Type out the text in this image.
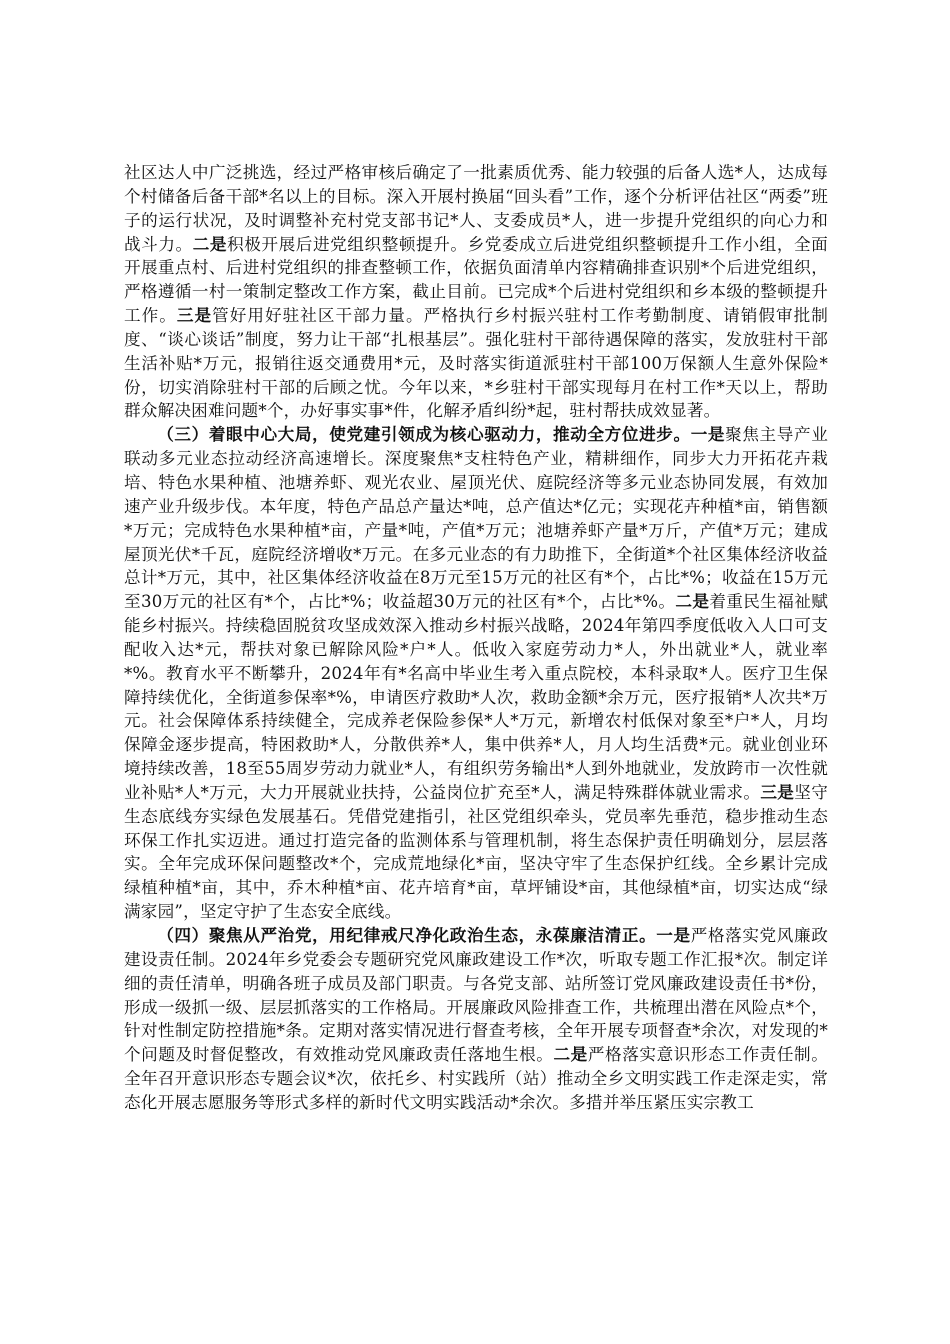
社区达人中广泛挑选，经过严格审核后确定了一批素质优秀、能力较强的后备人选*人，达成每个村储备后备干部*名以上的目标。深入开展村换届“回头看”工作，逐个分析评估社区“两委”班子的运行状况，及时调整补充村党支部书记*人、支委成员*人，进一步提升党组织的向心力和战斗力。二是积极开展后进党组织整顿提升。乡党委成立后进党组织整顿提升工作小组，全面开展重点村、后进村党组织的排查整顿工作，依据负面清单内容精确排查识别*个后进党组织，严格遵循一村一策制定整改工作方案，截止目前。已完成*个后进村党组织和乡本级的整顿提升工作。三是管好用好驻社区干部力量。严格执行乡村振兴驻村工作考勤制度、请销假审批制度、“谈心谈话”制度，努力让干部“扎根基层”。强化驻村干部待遇保障的落实，发放驻村干部生活补贴*万元，报销往返交通费用*元，及时落实街道派驻村干部100万保额人生意外保险*份，切实消除驻村干部的后顾之忧。今年以来，*乡驻村干部实现每月在村工作*天以上，帮助群众解决困难问题*个，办好事实事*件，化解矛盾纠纷*起，驻村帮扶成效显著。

（三）着眼中心大局，使党建引领成为核心驱动力，推动全方位进步。一是聚焦主导产业联动多元业态拉动经济高速增长。深度聚焦*支柱特色产业，精耕细作，同步大力开拓花卉栽培、特色水果种植、池塘养虾、观光农业、屋顶光伏、庭院经济等多元业态协同发展，有效加速产业升级步伐。本年度，特色产品总产量达*吨，总产值达*亿元；实现花卉种植*亩，销售额*万元；完成特色水果种植*亩，产量*吨，产值*万元；池塘养虾产量*万斤，产值*万元；建成屋顶光伏*千瓦，庭院经济增收*万元。在多元业态的有力助推下，全街道*个社区集体经济收益总计*万元，其中，社区集体经济收益在8万元至15万元的社区有*个，占比*%；收益在15万元至30万元的社区有*个，占比*%；收益超30万元的社区有*个，占比*%。二是着重民生福祉赋能乡村振兴。持续稳固脱贫攻坚成效深入推动乡村振兴战略，2024年第四季度低收入人口可支配收入达*元，帮扶对象已解除风险*户*人。低收入家庭劳动力*人，外出就业*人，就业率*%。教育水平不断攀升，2024年有*名高中毕业生考入重点院校，本科录取*人。医疗卫生保障持续优化，全街道参保率*%，申请医疗救助*人次，救助金额*余万元，医疗报销*人次共*万元。社会保障体系持续健全，完成养老保险参保*人*万元，新增农村低保对象至*户*人，月均保障金逐步提高，特困救助*人，分散供养*人，集中供养*人，月人均生活费*元。就业创业环境持续改善，18至55周岁劳动力就业*人，有组织劳务输出*人到外地就业，发放跨市一次性就业补贴*人*万元，大力开展就业扶持，公益岗位扩充至*人，满足特殊群体就业需求。三是坚守生态底线夯实绿色发展基石。凭借党建指引，社区党组织牵头，党员率先垂范，稳步推动生态环保工作扎实迈进。通过打造完备的监测体系与管理机制，将生态保护责任明确划分，层层落实。全年完成环保问题整改*个，完成荒地绿化*亩，坚决守牢了生态保护红线。全乡累计完成绿植种植*亩，其中，乔木种植*亩、花卉培育*亩，草坪铺设*亩，其他绿植*亩，切实达成“绿满家园”，坚定守护了生态安全底线。

（四）聚焦从严治党，用纪律戒尺净化政治生态，永葆廉洁清正。一是严格落实党风廉政建设责任制。2024年乡党委会专题研究党风廉政建设工作*次，听取专题工作汇报*次。制定详细的责任清单，明确各班子成员及部门职责。与各党支部、站所签订党风廉政建设责任书*份，形成一级抓一级、层层抓落实的工作格局。开展廉政风险排查工作，共梳理出潜在风险点*个，针对性制定防控措施*条。定期对落实情况进行督查考核，全年开展专项督查*余次，对发现的*个问题及时督促整改，有效推动党风廉政责任落地生根。二是严格落实意识形态工作责任制。全年召开意识形态专题会议*次，依托乡、村实践所（站）推动全乡文明实践工作走深走实，常态化开展志愿服务等形式多样的新时代文明实践活动*余次。多措并举压紧压实宗教工
